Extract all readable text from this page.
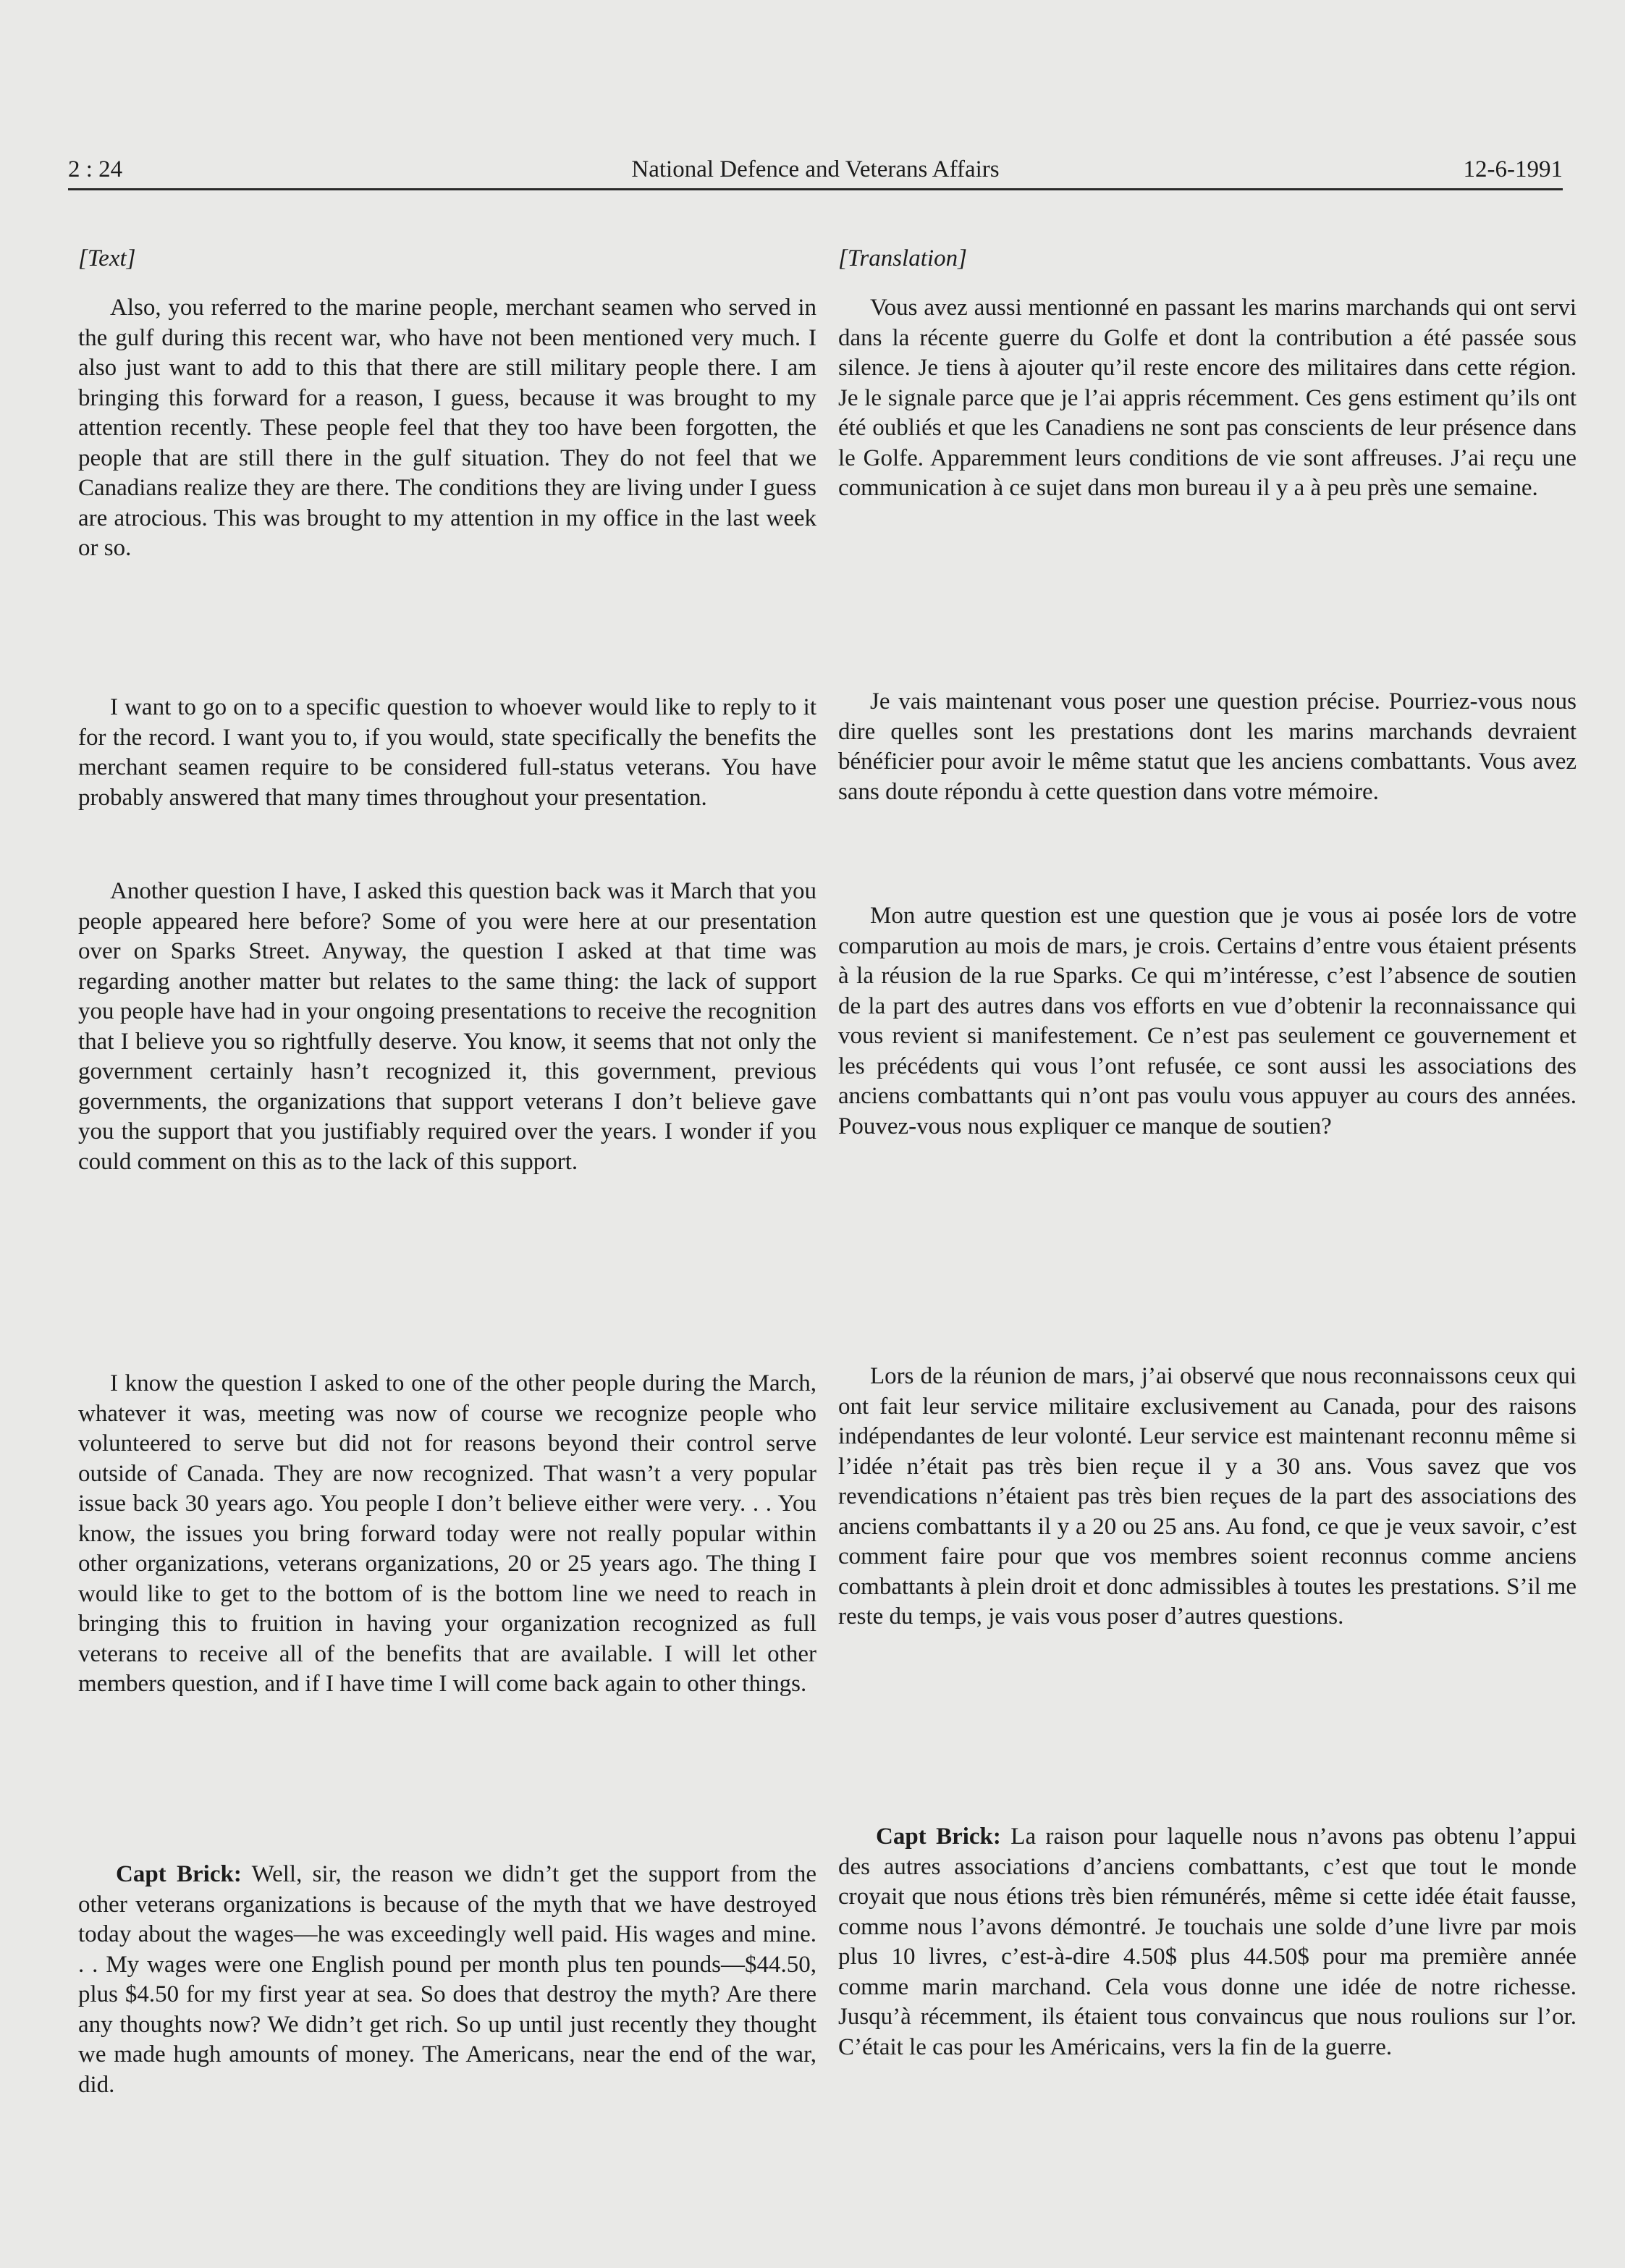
2 : 24	National Defence and Veterans Affairs	12-6-1991

[Text]

Also, you referred to the marine people, merchant seamen who served in the gulf during this recent war, who have not been mentioned very much. I also just want to add to this that there are still military people there. I am bringing this forward for a reason, I guess, because it was brought to my attention recently. These people feel that they too have been forgotten, the people that are still there in the gulf situation. They do not feel that we Canadians realize they are there. The conditions they are living under I guess are atrocious. This was brought to my attention in my office in the last week or so.

I want to go on to a specific question to whoever would like to reply to it for the record. I want you to, if you would, state specifically the benefits the merchant seamen require to be considered full-status veterans. You have probably answered that many times throughout your presentation.

Another question I have, I asked this question back was it March that you people appeared here before? Some of you were here at our presentation over on Sparks Street. Anyway, the question I asked at that time was regarding another matter but relates to the same thing: the lack of support you people have had in your ongoing presentations to receive the recognition that I believe you so rightfully deserve. You know, it seems that not only the government certainly hasn’t recognized it, this government, previous governments, the organizations that support veterans I don’t believe gave you the support that you justifiably required over the years. I wonder if you could comment on this as to the lack of this support.

I know the question I asked to one of the other people during the March, whatever it was, meeting was now of course we recognize people who volunteered to serve but did not for reasons beyond their control serve outside of Canada. They are now recognized. That wasn’t a very popular issue back 30 years ago. You people I don’t believe either were very. . . You know, the issues you bring forward today were not really popular within other organizations, veterans organizations, 20 or 25 years ago. The thing I would like to get to the bottom of is the bottom line we need to reach in bringing this to fruition in having your organization recognized as full veterans to receive all of the benefits that are available. I will let other members question, and if I have time I will come back again to other things.

Capt Brick: Well, sir, the reason we didn’t get the support from the other veterans organizations is because of the myth that we have destroyed today about the wages—he was exceedingly well paid. His wages and mine. . . My wages were one English pound per month plus ten pounds—$44.50, plus $4.50 for my first year at sea. So does that destroy the myth? Are there any thoughts now? We didn’t get rich. So up until just recently they thought we made hugh amounts of money. The Americans, near the end of the war, did.

[Translation]

Vous avez aussi mentionné en passant les marins marchands qui ont servi dans la récente guerre du Golfe et dont la contribution a été passée sous silence. Je tiens à ajouter qu’il reste encore des militaires dans cette région. Je le signale parce que je l’ai appris récemment. Ces gens estiment qu’ils ont été oubliés et que les Canadiens ne sont pas conscients de leur présence dans le Golfe. Apparemment leurs conditions de vie sont affreuses. J’ai reçu une communication à ce sujet dans mon bureau il y a à peu près une semaine.

Je vais maintenant vous poser une question précise. Pourriez-vous nous dire quelles sont les prestations dont les marins marchands devraient bénéficier pour avoir le même statut que les anciens combattants. Vous avez sans doute répondu à cette question dans votre mémoire.

Mon autre question est une question que je vous ai posée lors de votre comparution au mois de mars, je crois. Certains d’entre vous étaient présents à la réusion de la rue Sparks. Ce qui m’intéresse, c’est l’absence de soutien de la part des autres dans vos efforts en vue d’obtenir la reconnaissance qui vous revient si manifestement. Ce n’est pas seulement ce gouvernement et les précédents qui vous l’ont refusée, ce sont aussi les associations des anciens combattants qui n’ont pas voulu vous appuyer au cours des années. Pouvez-vous nous expliquer ce manque de soutien?

Lors de la réunion de mars, j’ai observé que nous reconnaissons ceux qui ont fait leur service militaire exclusivement au Canada, pour des raisons indépendantes de leur volonté. Leur service est maintenant reconnu même si l’idée n’était pas très bien reçue il y a 30 ans. Vous savez que vos revendications n’étaient pas très bien reçues de la part des associations des anciens combattants il y a 20 ou 25 ans. Au fond, ce que je veux savoir, c’est comment faire pour que vos membres soient reconnus comme anciens combattants à plein droit et donc admissibles à toutes les prestations. S’il me reste du temps, je vais vous poser d’autres questions.

Capt Brick: La raison pour laquelle nous n’avons pas obtenu l’appui des autres associations d’anciens combattants, c’est que tout le monde croyait que nous étions très bien rémunérés, même si cette idée était fausse, comme nous l’avons démontré. Je touchais une solde d’une livre par mois plus 10 livres, c’est-à-dire 4.50$ plus 44.50$ pour ma première année comme marin marchand. Cela vous donne une idée de notre richesse. Jusqu’à récemment, ils étaient tous convaincus que nous roulions sur l’or. C’était le cas pour les Américains, vers la fin de la guerre.
